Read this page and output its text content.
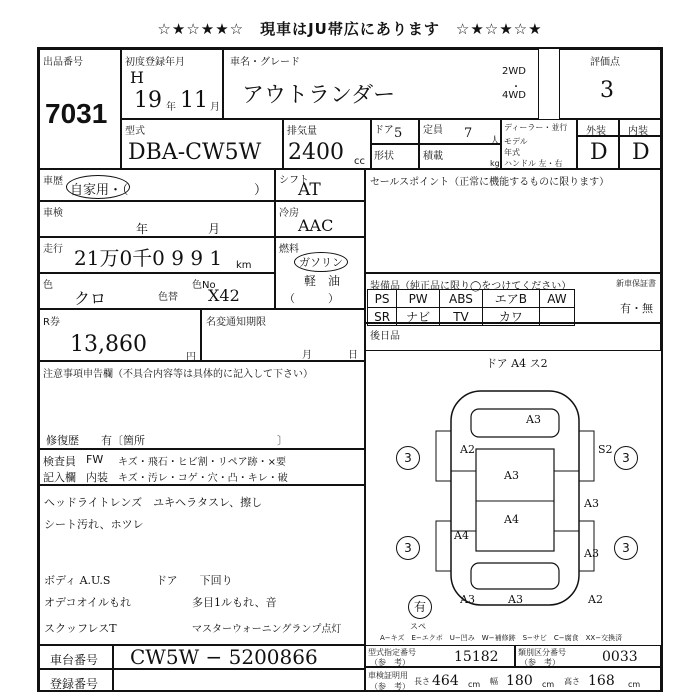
☆★☆★★☆　現車はJU帯広にあります　☆★☆★☆★
出品番号
7031
初度登録年月
H
19 年 11 月
車名・グレード
アウトランダー
2WD
・
4WD
評価点
3
型式
DBA-CW5W
排気量
2400 cc
ドア 5 定員 7
人
ディーラー・並行
モデル年式
ハンドル 左・右
形状	積載
kg
外装 内装
D D
車歴
自家用・（	）
シフト
AT
車検
年	月
冷房
AAC
走行 21万0千0 9 9 1 km
燃料
ガソリン
軽　油
（　　　）
色
クロ	色替
色No
X42
セールスポイント（正常に機能するものに限ります）
装備品（純正品に限り◯をつけてください）	新車保証書
有・無
PS	PW	ABS	エアB	AW
SR	ナビ	TV	カワ	
後日品
R券
13,860
円
名変通知期限
月	日
注意事項申告欄（不具合内容等は具体的に記入して下さい）
修復歴　　有〔箇所　　　　　　　　　　　　〕
検査員
記入欄
FW キズ・飛石・ヒビ割・リペア跡・×要
内装 キズ・汚レ・コゲ・穴・凸・キレ・破
ヘッドライトレンズ　ユキヘラタスレ、擦し
シート汚れ、ホツレ
ボディ A.U.S	ドア　　下回り
オデコオイルもれ	多目1ルもれ、音
スクッフレスT	マスターウォーニングランプ点灯
ドア A4 ス2
A3
A2
A3
A3
A4
A4
A3
A3	A3	A2
S2
3	3
3	3
有
スペ
A−キズ　E−エクボ　U−凹み　W−補修跡　S−サビ　C−腐食　XX−交換済
車台番号 CW5W − 5200866
登録番号
型式指定番号
（参　考）	15182 類別区分番号
（参　考）	0033
車検証明用
（参　考）
長さ 464 cm 幅 180 cm 高さ 168 cm
